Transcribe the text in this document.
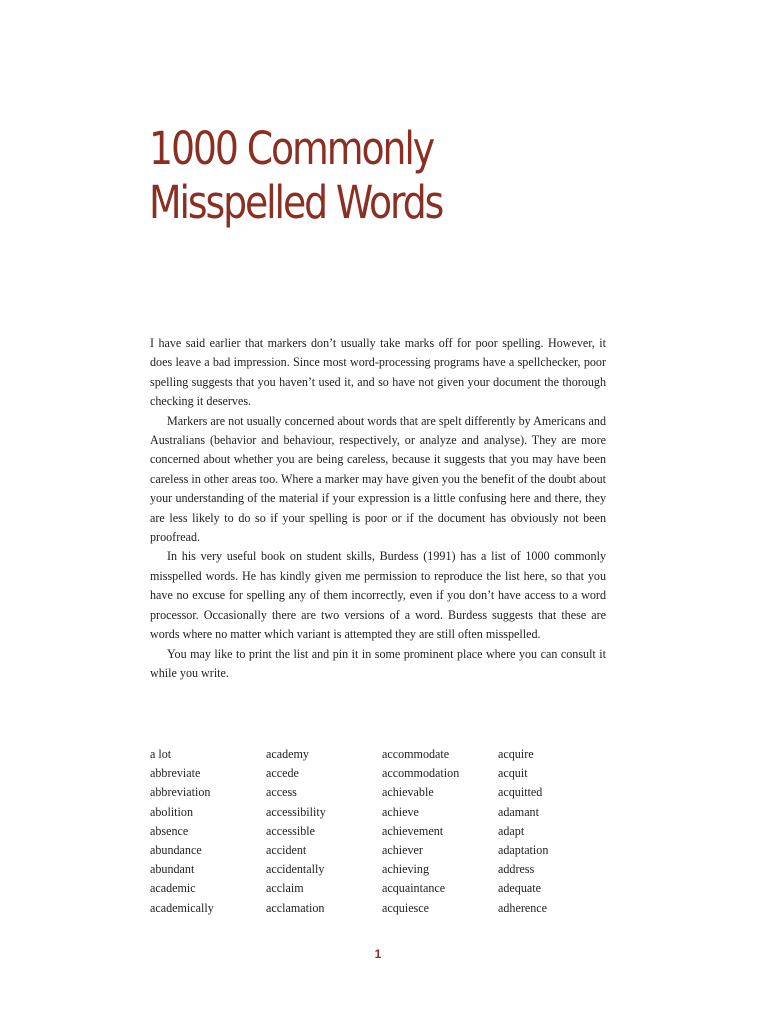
1000 Commonly
Misspelled Words

I have said earlier that markers don’t usually take marks off for poor spelling. However, it does leave a bad impression. Since most word-processing programs have a spellchecker, poor spelling suggests that you haven’t used it, and so have not given your document the thorough checking it deserves.

Markers are not usually concerned about words that are spelt differently by Americans and Australians (behavior and behaviour, respectively, or analyze and analyse). They are more concerned about whether you are being careless, because it suggests that you may have been careless in other areas too. Where a marker may have given you the benefit of the doubt about your understanding of the material if your expression is a little confusing here and there, they are less likely to do so if your spelling is poor or if the document has obviously not been proofread.

In his very useful book on student skills, Burdess (1991) has a list of 1000 commonly misspelled words. He has kindly given me permission to reproduce the list here, so that you have no excuse for spelling any of them incorrectly, even if you don’t have access to a word processor. Occasionally there are two versions of a word. Burdess suggests that these are words where no matter which variant is attempted they are still often misspelled.

You may like to print the list and pin it in some prominent place where you can consult it while you write.

a lot
abbreviate
abbreviation
abolition
absence
abundance
abundant
academic
academically
academy
accede
access
accessibility
accessible
accident
accidentally
acclaim
acclamation
accommodate
accommodation
achievable
achieve
achievement
achiever
achieving
acquaintance
acquiesce
acquire
acquit
acquitted
adamant
adapt
adaptation
address
adequate
adherence
1
